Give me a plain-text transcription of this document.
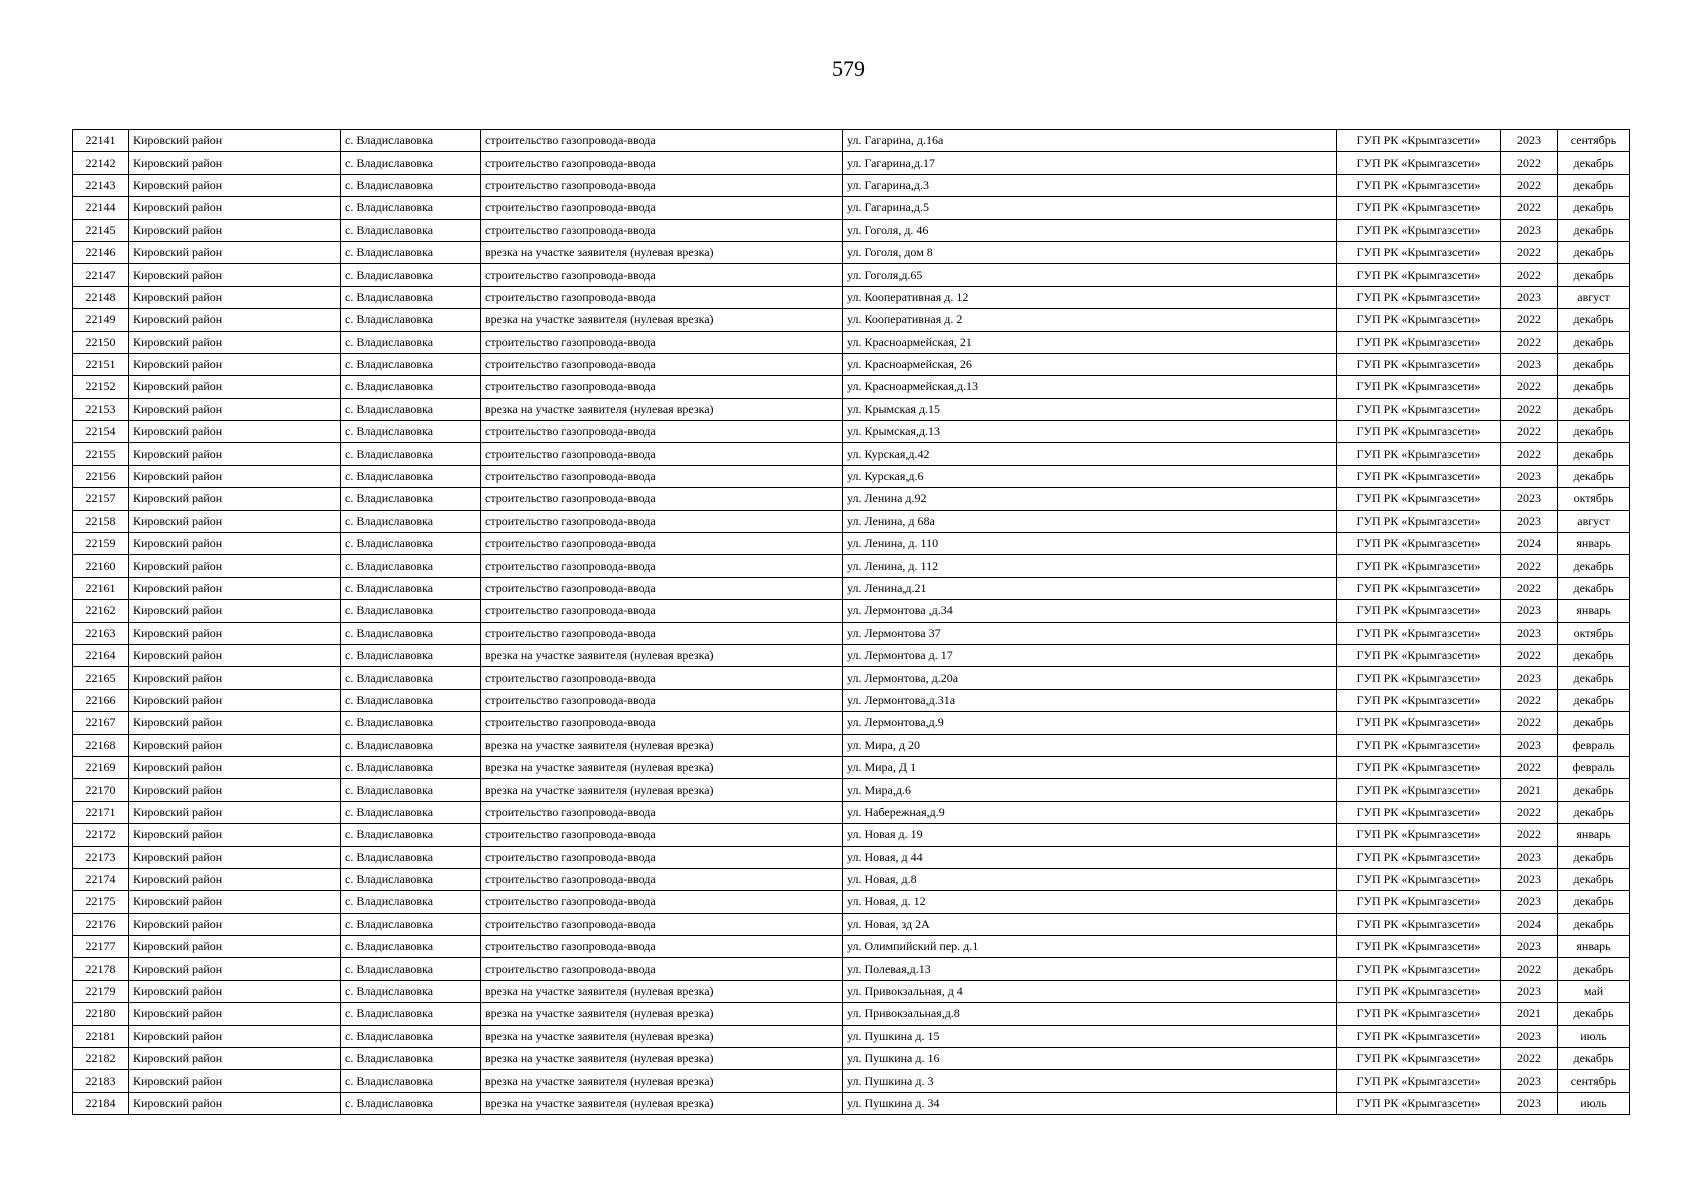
579
22141	Кировский район	с. Владиславовка	строительство газопровода-ввода	ул. Гагарина, д.16а	ГУП РК «Крымгазсети»	2023	сентябрь
22142	Кировский район	с. Владиславовка	строительство газопровода-ввода	ул. Гагарина,д.17	ГУП РК «Крымгазсети»	2022	декабрь
22143	Кировский район	с. Владиславовка	строительство газопровода-ввода	ул. Гагарина,д.3	ГУП РК «Крымгазсети»	2022	декабрь
22144	Кировский район	с. Владиславовка	строительство газопровода-ввода	ул. Гагарина,д.5	ГУП РК «Крымгазсети»	2022	декабрь
22145	Кировский район	с. Владиславовка	строительство газопровода-ввода	ул. Гоголя, д. 46	ГУП РК «Крымгазсети»	2023	декабрь
22146	Кировский район	с. Владиславовка	врезка на участке заявителя (нулевая врезка)	ул. Гоголя, дом 8	ГУП РК «Крымгазсети»	2022	декабрь
22147	Кировский район	с. Владиславовка	строительство газопровода-ввода	ул. Гоголя,д.65	ГУП РК «Крымгазсети»	2022	декабрь
22148	Кировский район	с. Владиславовка	строительство газопровода-ввода	ул. Кооперативная д. 12	ГУП РК «Крымгазсети»	2023	август
22149	Кировский район	с. Владиславовка	врезка на участке заявителя (нулевая врезка)	ул. Кооперативная д. 2	ГУП РК «Крымгазсети»	2022	декабрь
22150	Кировский район	с. Владиславовка	строительство газопровода-ввода	ул. Красноармейская, 21	ГУП РК «Крымгазсети»	2022	декабрь
22151	Кировский район	с. Владиславовка	строительство газопровода-ввода	ул. Красноармейская, 26	ГУП РК «Крымгазсети»	2023	декабрь
22152	Кировский район	с. Владиславовка	строительство газопровода-ввода	ул. Красноармейская,д.13	ГУП РК «Крымгазсети»	2022	декабрь
22153	Кировский район	с. Владиславовка	врезка на участке заявителя (нулевая врезка)	ул. Крымская д.15	ГУП РК «Крымгазсети»	2022	декабрь
22154	Кировский район	с. Владиславовка	строительство газопровода-ввода	ул. Крымская,д.13	ГУП РК «Крымгазсети»	2022	декабрь
22155	Кировский район	с. Владиславовка	строительство газопровода-ввода	ул. Курская,д.42	ГУП РК «Крымгазсети»	2022	декабрь
22156	Кировский район	с. Владиславовка	строительство газопровода-ввода	ул. Курская,д.6	ГУП РК «Крымгазсети»	2023	декабрь
22157	Кировский район	с. Владиславовка	строительство газопровода-ввода	ул. Ленина д.92	ГУП РК «Крымгазсети»	2023	октябрь
22158	Кировский район	с. Владиславовка	строительство газопровода-ввода	ул. Ленина, д 68а	ГУП РК «Крымгазсети»	2023	август
22159	Кировский район	с. Владиславовка	строительство газопровода-ввода	ул. Ленина, д. 110	ГУП РК «Крымгазсети»	2024	январь
22160	Кировский район	с. Владиславовка	строительство газопровода-ввода	ул. Ленина, д. 112	ГУП РК «Крымгазсети»	2022	декабрь
22161	Кировский район	с. Владиславовка	строительство газопровода-ввода	ул. Ленина,д.21	ГУП РК «Крымгазсети»	2022	декабрь
22162	Кировский район	с. Владиславовка	строительство газопровода-ввода	ул. Лермонтова ,д.34	ГУП РК «Крымгазсети»	2023	январь
22163	Кировский район	с. Владиславовка	строительство газопровода-ввода	ул. Лермонтова 37	ГУП РК «Крымгазсети»	2023	октябрь
22164	Кировский район	с. Владиславовка	врезка на участке заявителя (нулевая врезка)	ул. Лермонтова д. 17	ГУП РК «Крымгазсети»	2022	декабрь
22165	Кировский район	с. Владиславовка	строительство газопровода-ввода	ул. Лермонтова, д.20а	ГУП РК «Крымгазсети»	2023	декабрь
22166	Кировский район	с. Владиславовка	строительство газопровода-ввода	ул. Лермонтова,д.31а	ГУП РК «Крымгазсети»	2022	декабрь
22167	Кировский район	с. Владиславовка	строительство газопровода-ввода	ул. Лермонтова,д.9	ГУП РК «Крымгазсети»	2022	декабрь
22168	Кировский район	с. Владиславовка	врезка на участке заявителя (нулевая врезка)	ул. Мира, д 20	ГУП РК «Крымгазсети»	2023	февраль
22169	Кировский район	с. Владиславовка	врезка на участке заявителя (нулевая врезка)	ул. Мира, Д 1	ГУП РК «Крымгазсети»	2022	февраль
22170	Кировский район	с. Владиславовка	врезка на участке заявителя (нулевая врезка)	ул. Мира,д.6	ГУП РК «Крымгазсети»	2021	декабрь
22171	Кировский район	с. Владиславовка	строительство газопровода-ввода	ул. Набережная,д.9	ГУП РК «Крымгазсети»	2022	декабрь
22172	Кировский район	с. Владиславовка	строительство газопровода-ввода	ул. Новая д. 19	ГУП РК «Крымгазсети»	2022	январь
22173	Кировский район	с. Владиславовка	строительство газопровода-ввода	ул. Новая, д 44	ГУП РК «Крымгазсети»	2023	декабрь
22174	Кировский район	с. Владиславовка	строительство газопровода-ввода	ул. Новая, д.8	ГУП РК «Крымгазсети»	2023	декабрь
22175	Кировский район	с. Владиславовка	строительство газопровода-ввода	ул. Новая, д. 12	ГУП РК «Крымгазсети»	2023	декабрь
22176	Кировский район	с. Владиславовка	строительство газопровода-ввода	ул. Новая, зд 2А	ГУП РК «Крымгазсети»	2024	декабрь
22177	Кировский район	с. Владиславовка	строительство газопровода-ввода	ул. Олимпийский пер. д.1	ГУП РК «Крымгазсети»	2023	январь
22178	Кировский район	с. Владиславовка	строительство газопровода-ввода	ул. Полевая,д.13	ГУП РК «Крымгазсети»	2022	декабрь
22179	Кировский район	с. Владиславовка	врезка на участке заявителя (нулевая врезка)	ул. Привокзальная, д 4	ГУП РК «Крымгазсети»	2023	май
22180	Кировский район	с. Владиславовка	врезка на участке заявителя (нулевая врезка)	ул. Привокзальная,д.8	ГУП РК «Крымгазсети»	2021	декабрь
22181	Кировский район	с. Владиславовка	врезка на участке заявителя (нулевая врезка)	ул. Пушкина д. 15	ГУП РК «Крымгазсети»	2023	июль
22182	Кировский район	с. Владиславовка	врезка на участке заявителя (нулевая врезка)	ул. Пушкина д. 16	ГУП РК «Крымгазсети»	2022	декабрь
22183	Кировский район	с. Владиславовка	врезка на участке заявителя (нулевая врезка)	ул. Пушкина д. 3	ГУП РК «Крымгазсети»	2023	сентябрь
22184	Кировский район	с. Владиславовка	врезка на участке заявителя (нулевая врезка)	ул. Пушкина д. 34	ГУП РК «Крымгазсети»	2023	июль
